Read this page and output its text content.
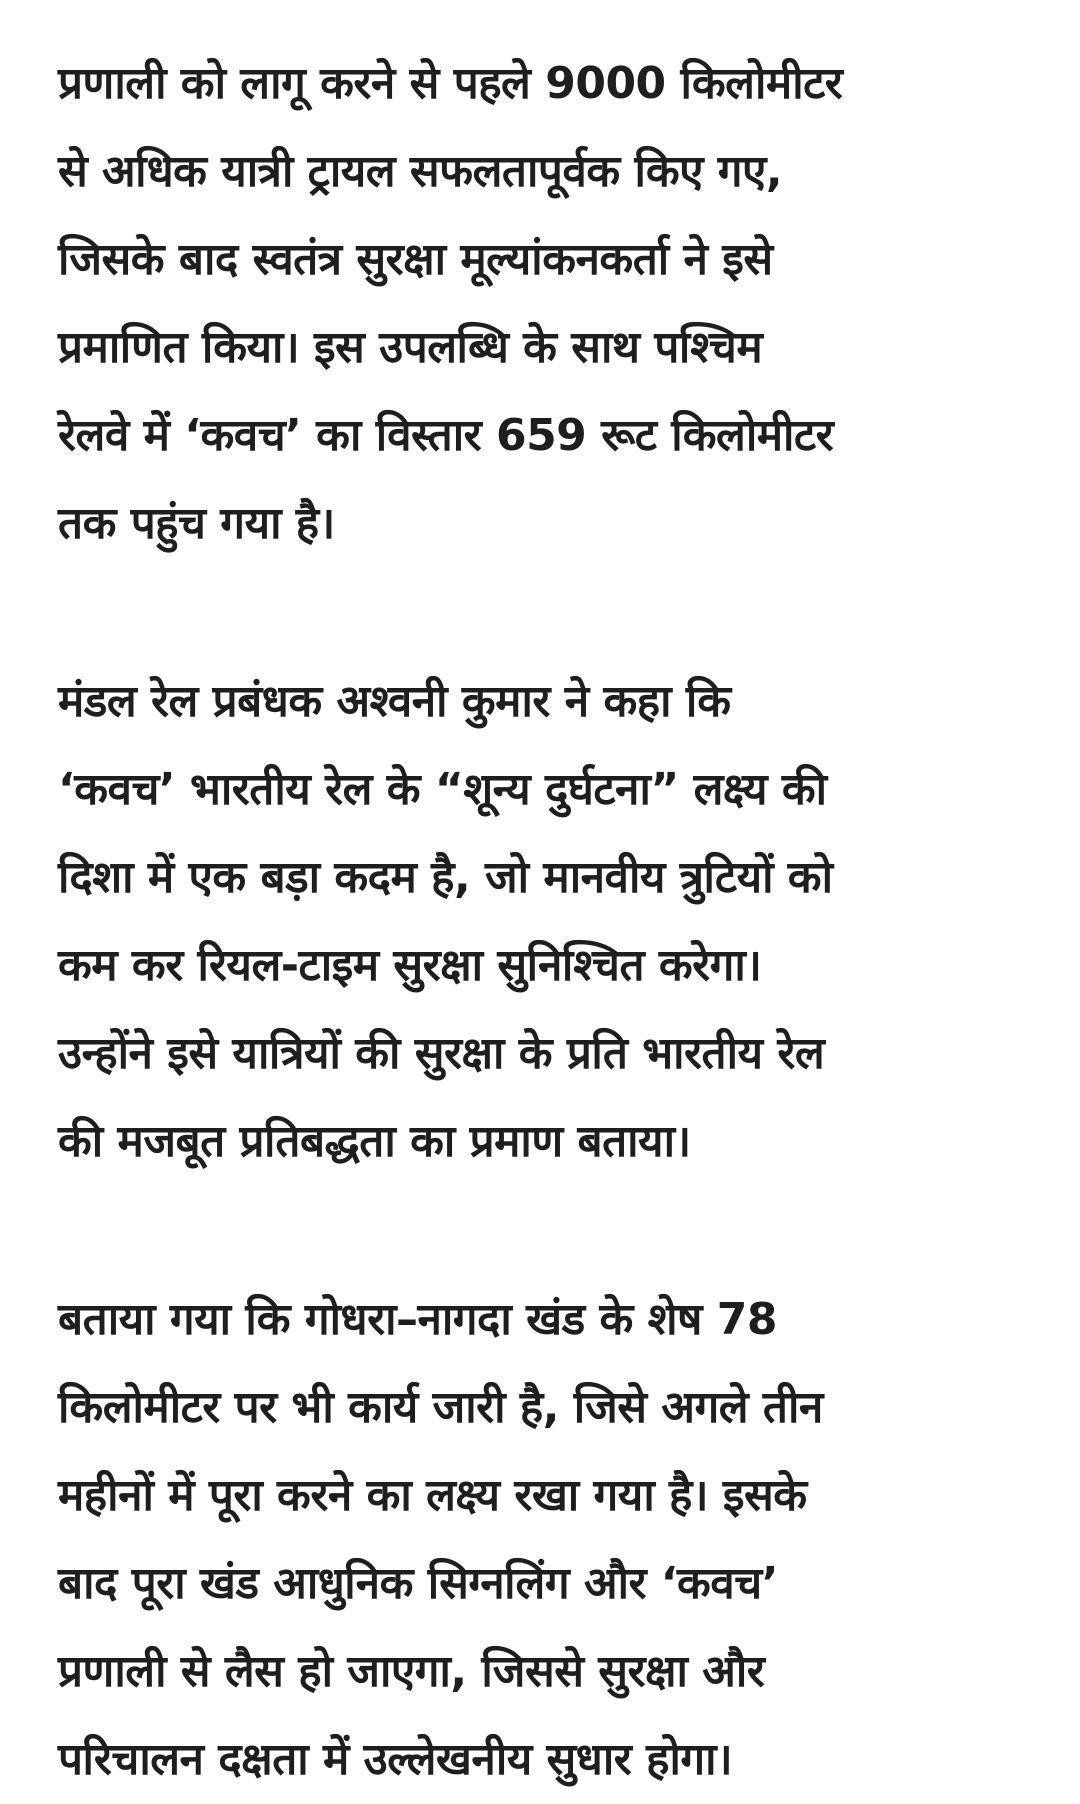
प्रणाली को लागू करने से पहले 9000 किलोमीटर
से अधिक यात्री ट्रायल सफलतापूर्वक किए गए,
जिसके बाद स्वतंत्र सुरक्षा मूल्यांकनकर्ता ने इसे
प्रमाणित किया। इस उपलब्धि के साथ पश्चिम
रेलवे में ‘कवच’ का विस्तार 659 रूट किलोमीटर
तक पहुंच गया है।

मंडल रेल प्रबंधक अश्वनी कुमार ने कहा कि
‘कवच’ भारतीय रेल के “शून्य दुर्घटना” लक्ष्य की
दिशा में एक बड़ा कदम है, जो मानवीय त्रुटियों को
कम कर रियल-टाइम सुरक्षा सुनिश्चित करेगा।
उन्होंने इसे यात्रियों की सुरक्षा के प्रति भारतीय रेल
की मजबूत प्रतिबद्धता का प्रमाण बताया।

बताया गया कि गोधरा–नागदा खंड के शेष 78
किलोमीटर पर भी कार्य जारी है, जिसे अगले तीन
महीनों में पूरा करने का लक्ष्य रखा गया है। इसके
बाद पूरा खंड आधुनिक सिग्नलिंग और ‘कवच’
प्रणाली से लैस हो जाएगा, जिससे सुरक्षा और
परिचालन दक्षता में उल्लेखनीय सुधार होगा।
